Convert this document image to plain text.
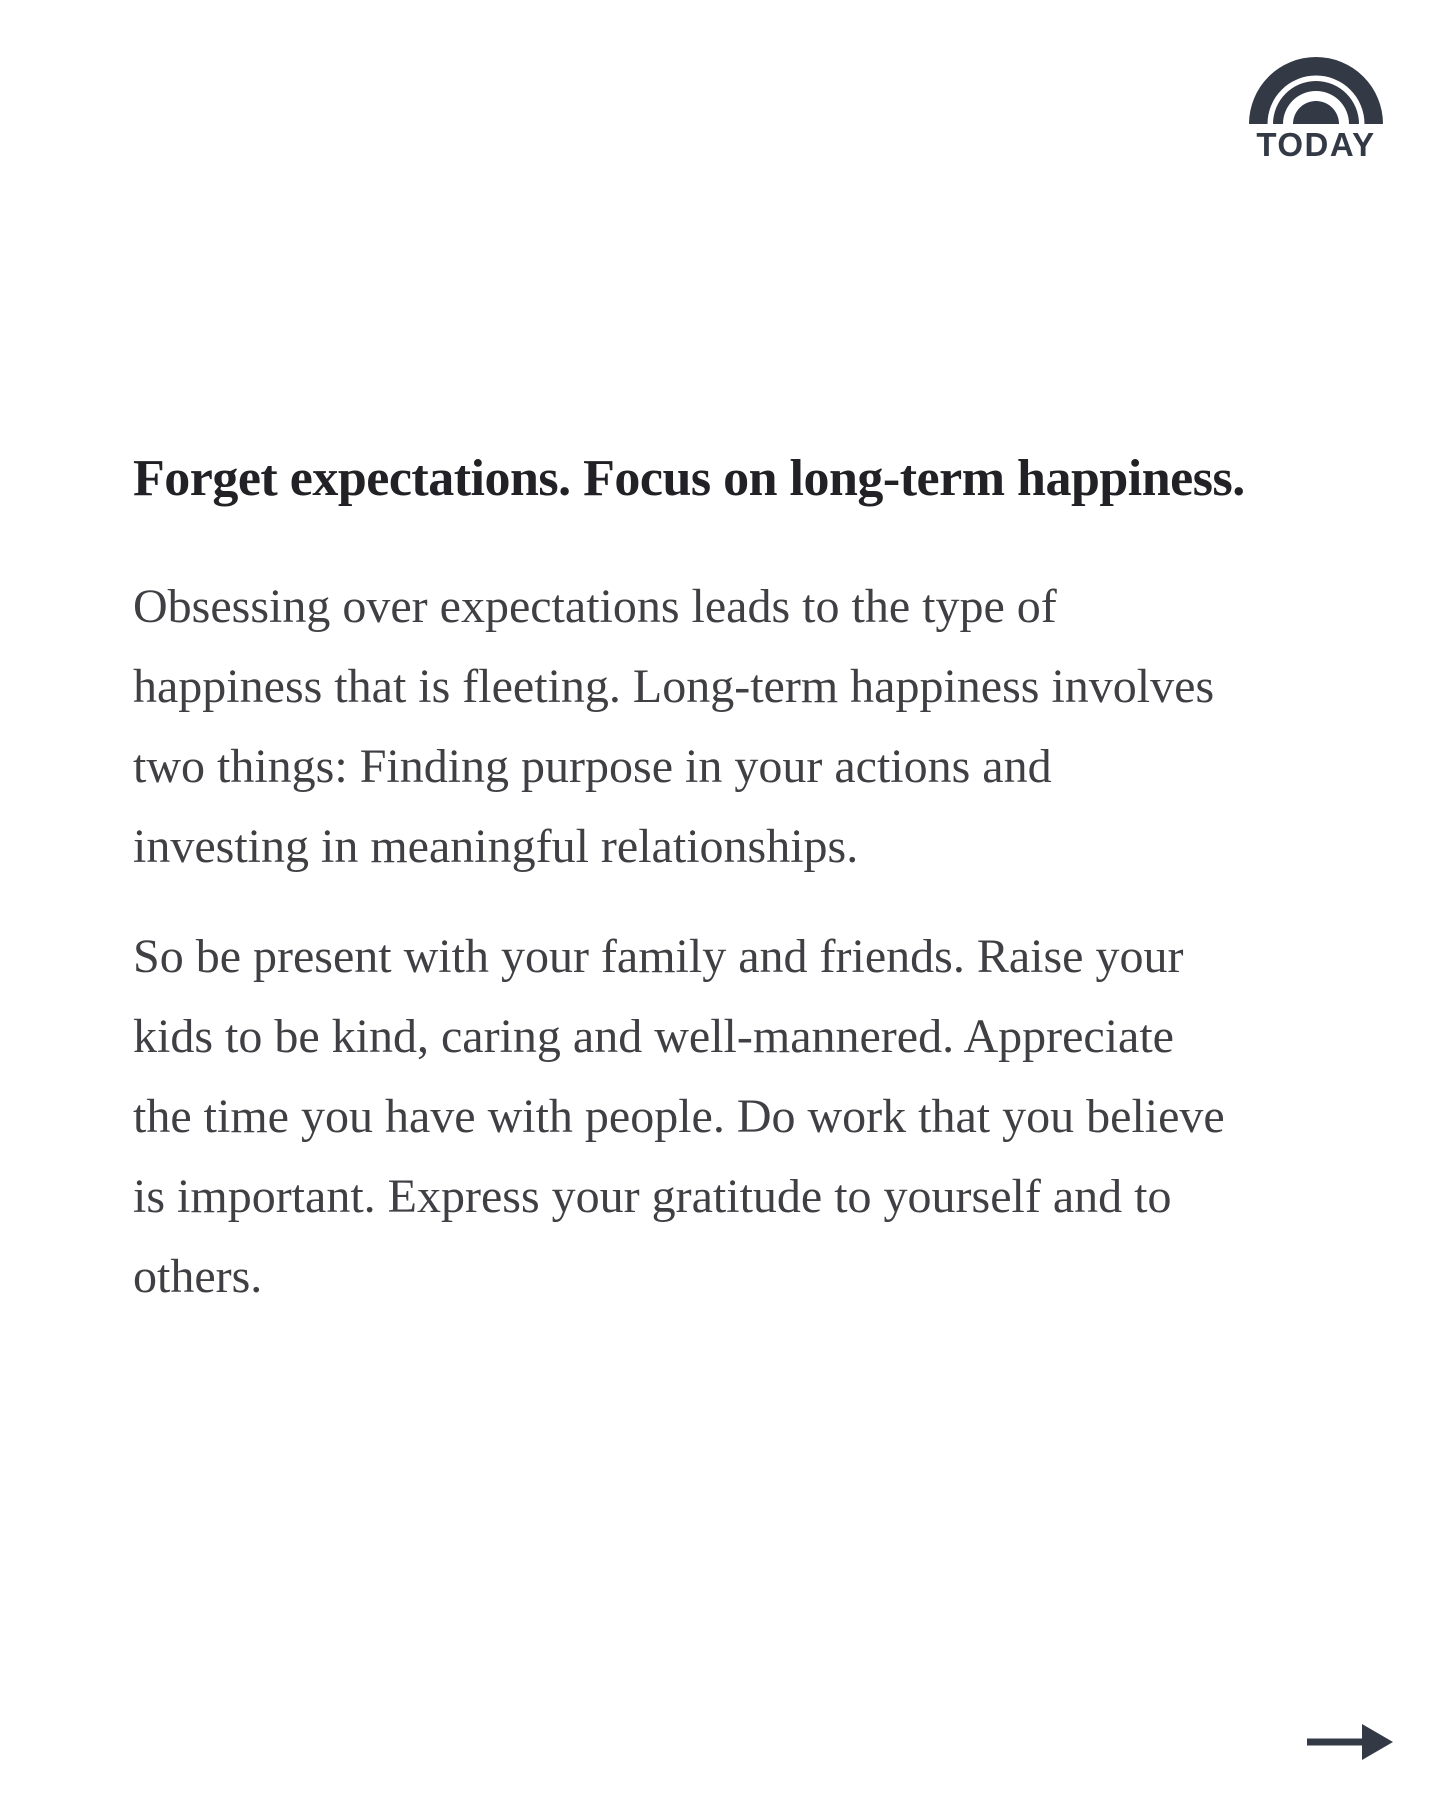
TODAY
Forget expectations. Focus on long-term happiness.
Obsessing over expectations leads to the type of
happiness that is fleeting. Long-term happiness involves
two things: Finding purpose in your actions and
investing in meaningful relationships.
So be present with your family and friends. Raise your
kids to be kind, caring and well-mannered. Appreciate
the time you have with people. Do work that you believe
is important. Express your gratitude to yourself and to
others.
